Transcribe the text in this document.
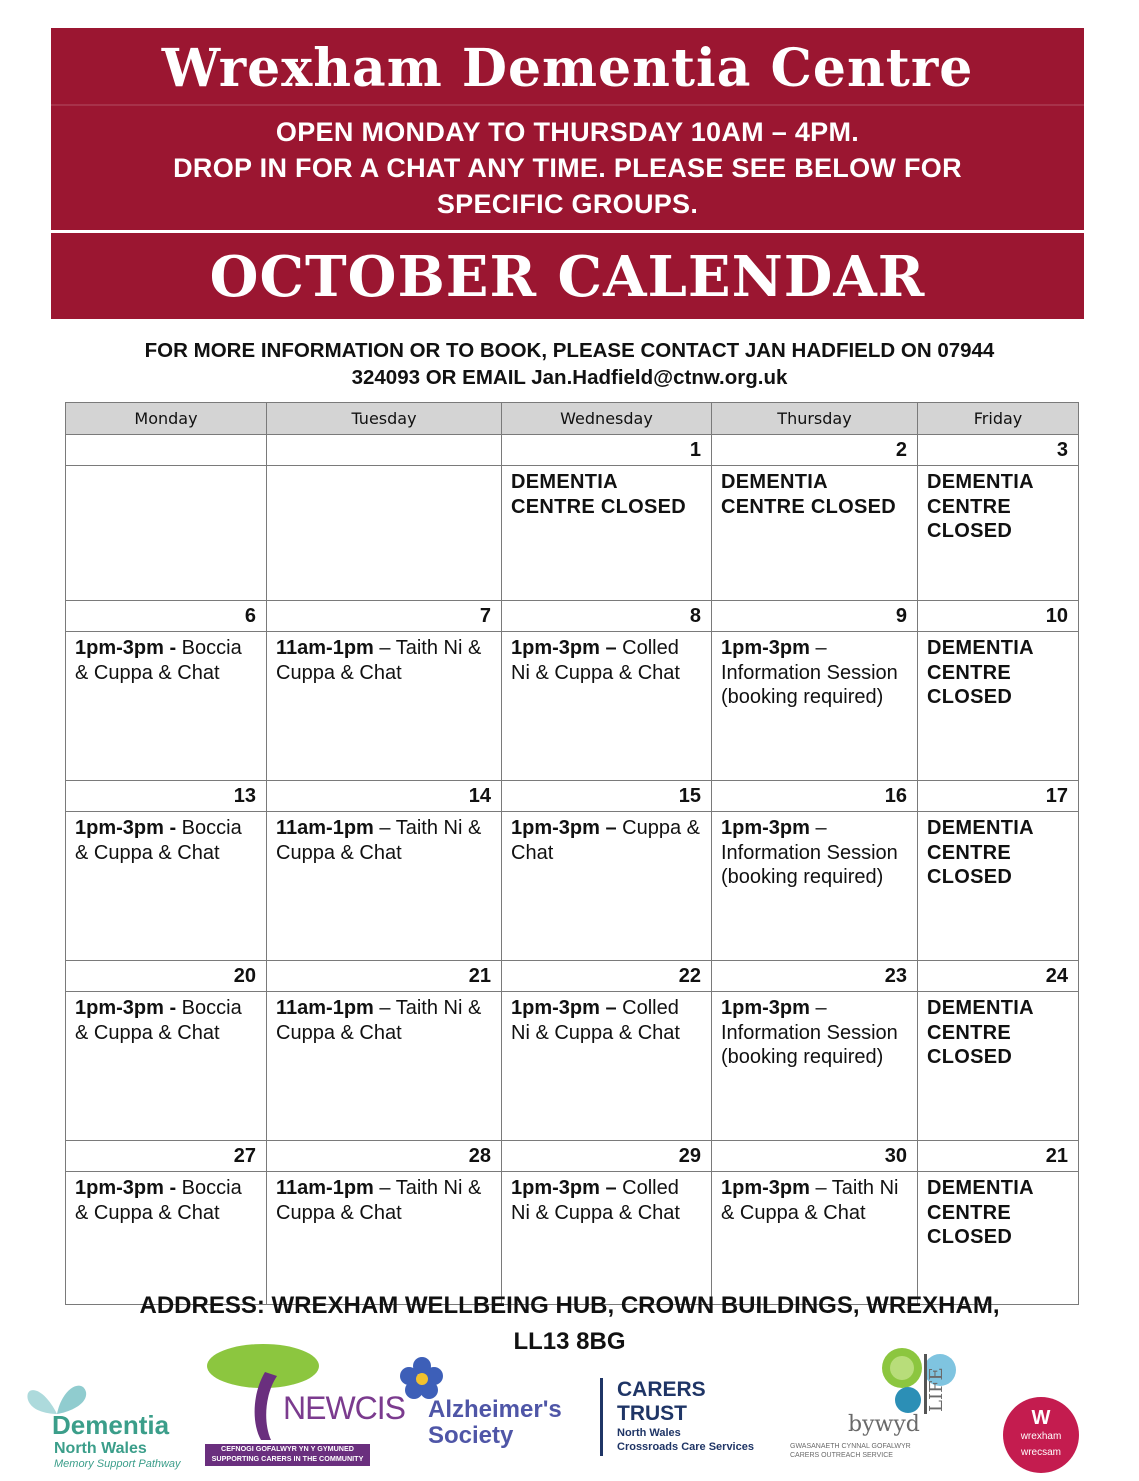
Wrexham Dementia Centre
OPEN MONDAY TO THURSDAY 10AM – 4PM.
DROP IN FOR A CHAT ANY TIME. PLEASE SEE BELOW FOR
SPECIFIC GROUPS.
OCTOBER CALENDAR
FOR MORE INFORMATION OR TO BOOK, PLEASE CONTACT JAN HADFIELD ON 07944
324093 OR EMAIL Jan.Hadfield@ctnw.org.uk
Monday	Tuesday	Wednesday	Thursday	Friday
		1	2	3
		DEMENTIA CENTRE CLOSED	DEMENTIA CENTRE CLOSED	DEMENTIA CENTRE CLOSED
6	7	8	9	10
1pm-3pm - Boccia & Cuppa & Chat	11am-1pm – Taith Ni & Cuppa & Chat	1pm-3pm – Colled Ni & Cuppa & Chat	1pm-3pm – Information Session (booking required)	DEMENTIA CENTRE CLOSED
13	14	15	16	17
1pm-3pm - Boccia & Cuppa & Chat	11am-1pm – Taith Ni & Cuppa & Chat	1pm-3pm – Cuppa & Chat	1pm-3pm – Information Session (booking required)	DEMENTIA CENTRE CLOSED
20	21	22	23	24
1pm-3pm - Boccia & Cuppa & Chat	11am-1pm – Taith Ni & Cuppa & Chat	1pm-3pm – Colled Ni & Cuppa & Chat	1pm-3pm – Information Session (booking required)	DEMENTIA CENTRE CLOSED
27	28	29	30	21
1pm-3pm - Boccia & Cuppa & Chat	11am-1pm – Taith Ni & Cuppa & Chat	1pm-3pm – Colled Ni & Cuppa & Chat	1pm-3pm – Taith Ni & Cuppa & Chat	DEMENTIA CENTRE CLOSED
ADDRESS: WREXHAM WELLBEING HUB, CROWN BUILDINGS, WREXHAM,
LL13 8BG
Dementia
North Wales
Memory Support Pathway
NEWCIS
CEFNOGI GOFALWYR YN Y GYMUNED
SUPPORTING CARERS IN THE COMMUNITY
Alzheimer's
Society
CARERS
TRUST
North Wales
Crossroads Care Services
bywyd
LIFE
GWASANAETH CYNNAL GOFALWYR
CARERS OUTREACH SERVICE
W
wrexham
wrecsam
